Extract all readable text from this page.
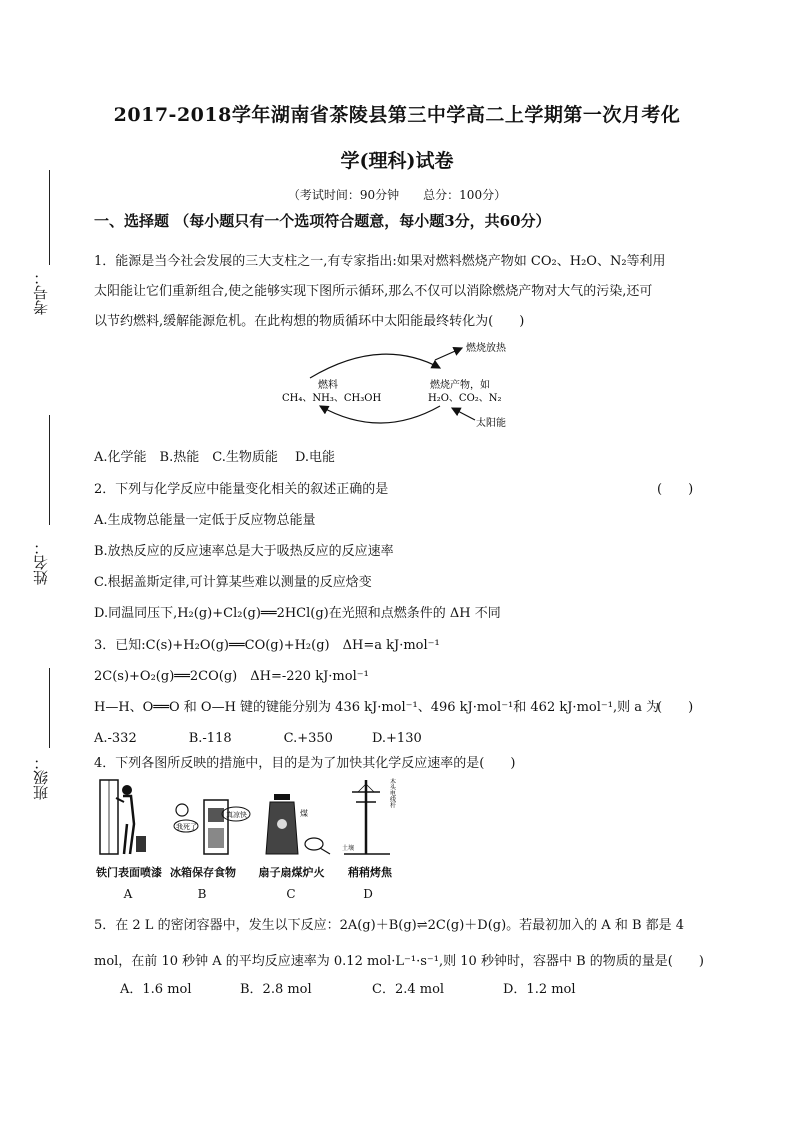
2017-2018学年湖南省茶陵县第三中学高二上学期第一次月考化
学(理科)试卷
（考试时间：90分钟　　总分：100分）
考号：
姓名：
班级：
一、选择题 （每小题只有一个选项符合题意，每小题3分，共60分）
1．能源是当今社会发展的三大支柱之一,有专家指出:如果对燃料燃烧产物如 CO₂、H₂O、N₂等利用
太阳能让它们重新组合,使之能够实现下图所示循环,那么不仅可以消除燃烧产物对大气的污染,还可
以节约燃料,缓解能源危机。在此构想的物质循环中太阳能最终转化为(　　)
燃料
CH₄、NH₃、CH₃OH
燃烧产物，如
H₂O、CO₂、N₂
燃烧放热
太阳能
A.化学能　B.热能　C.生物质能　 D.电能
2．下列与化学反应中能量变化相关的叙述正确的是	(　　)
A.生成物总能量一定低于反应物总能量
B.放热反应的反应速率总是大于吸热反应的反应速率
C.根据盖斯定律,可计算某些难以测量的反应焓变
D.同温同压下,H₂(g)+Cl₂(g)══2HCl(g)在光照和点燃条件的 ΔH 不同
3．已知:C(s)+H₂O(g)══CO(g)+H₂(g)　ΔH=a kJ·mol⁻¹
2C(s)+O₂(g)══2CO(g)　ΔH=-220 kJ·mol⁻¹
H—H、O══O 和 O—H 键的键能分别为 436 kJ·mol⁻¹、496 kJ·mol⁻¹和 462 kJ·mol⁻¹,则 a 为
(　　)
A.-332　　　　B.-118　　　　C.+350　　　D.+130
4．下列各图所反映的措施中，目的是为了加快其化学反应速率的是(　　)
我死了
真凉快	煤
木头电线杆
土壤
铁门表面喷漆 冰箱保存食物	扇子扇煤炉火	稍稍烤焦
A	B	C	D
5．在 2 L 的密闭容器中，发生以下反应：2A(g)＋B(g)⇌2C(g)＋D(g)。若最初加入的 A 和 B 都是 4
mol，在前 10 秒钟 A 的平均反应速率为 0.12 mol·L⁻¹·s⁻¹,则 10 秒钟时，容器中 B 的物质的量是(　　)
A．1.6 mol	B．2.8 mol	C．2.4 mol	D．1.2 mol
